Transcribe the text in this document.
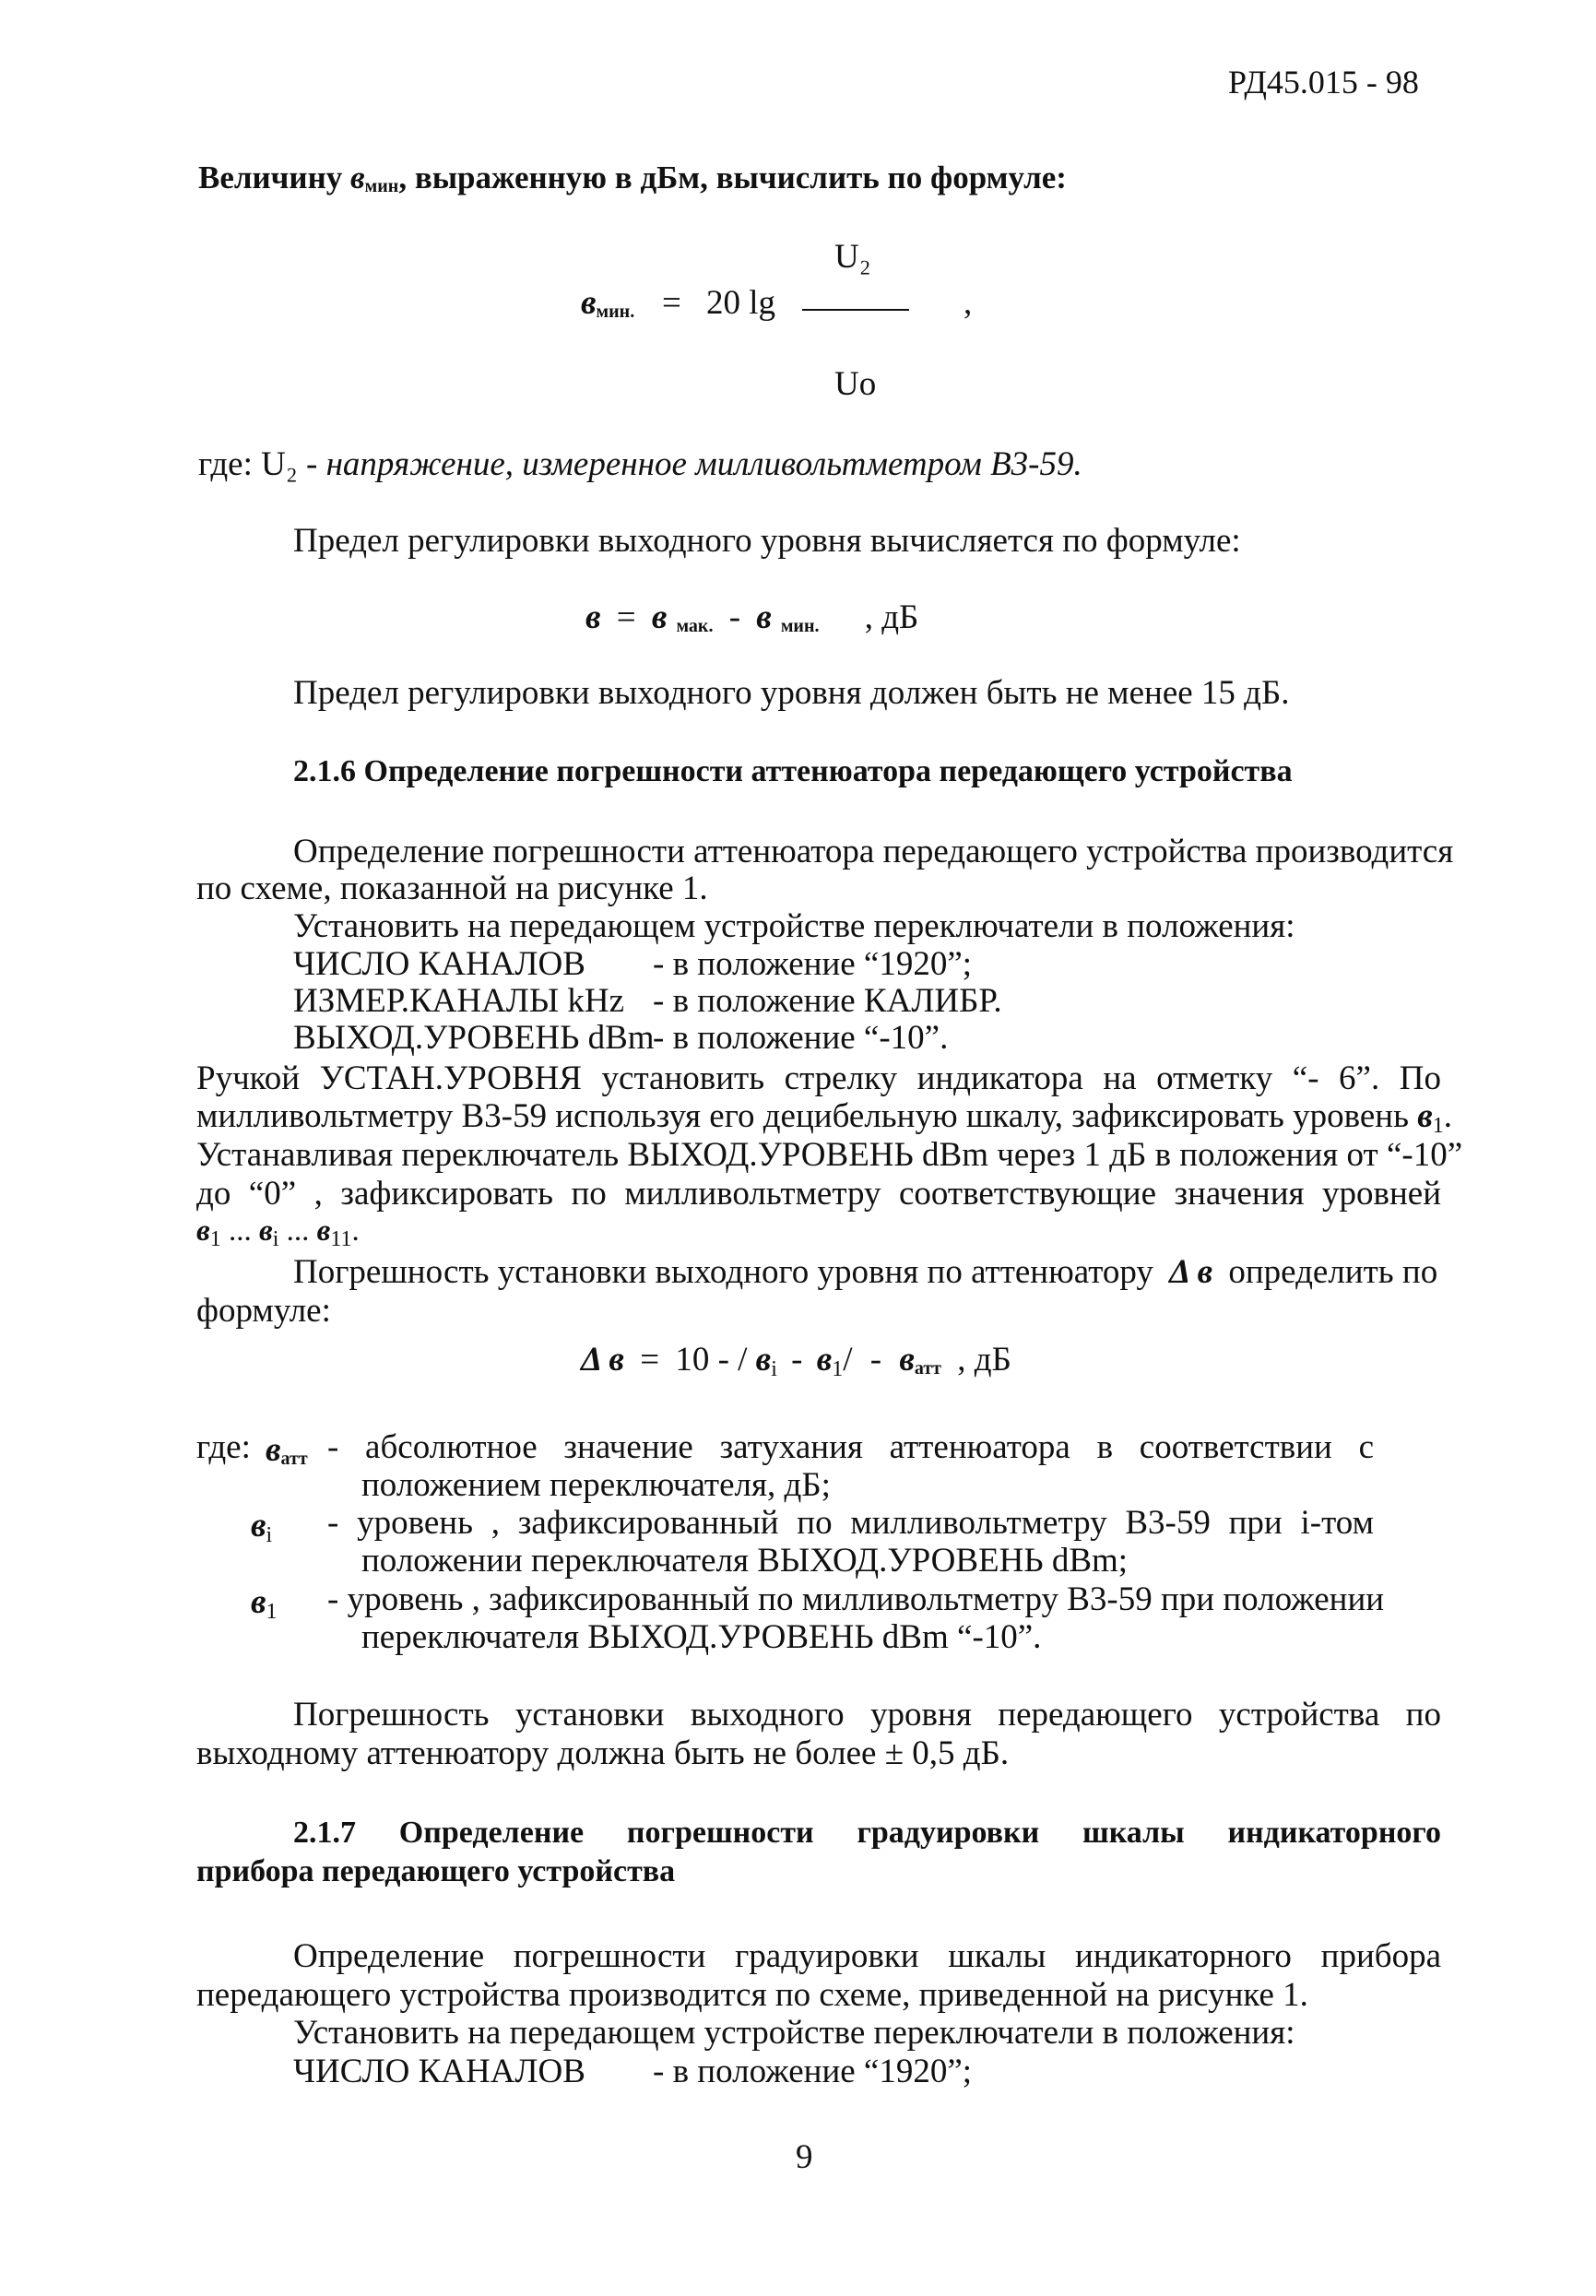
РД45.015 - 98
Величину $в_{мин}$, выраженную в дБм, вычислить по формуле:
U₂
$в_{мин.} = 20$ lg	,
Uo
где: U₂ - напряжение, измеренное милливольтметром В3-59.
Предел регулировки выходного уровня вычисляется по формуле:
в = в $_{мак.}$ - в $_{мин.}$ , дБ
Предел регулировки выходного уровня должен быть не менее 15 дБ.
2.1.6 Определение погрешности аттенюатора передающего устройства
Определение погрешности аттенюатора передающего устройства производится
по схеме, показанной на рисунке 1.
Установить на передающем устройстве переключатели в положения:
ЧИСЛО КАНАЛОВ - в положение “1920”;
ИЗМЕР.КАНАЛЫ kHz - в положение КАЛИБР.
ВЫХОД.УРОВЕНЬ dBm
- в положение “-10”.
Ручкой УСТАН.УРОВНЯ установить стрелку индикатора на отметку “- 6”. По
милливольтметру В3-59 используя его децибельную шкалу, зафиксировать уровень в1.
Устанавливая переключатель ВЫХОД.УРОВЕНЬ dBm через 1 дБ в положения от “-10”
до “0” , зафиксировать по милливольтметру соответствующие значения уровней
в1 ... вi ... в11.
Погрешность установки выходного уровня по аттенюатору Δ в определить по
формуле:
Δ в = 10 - / вi - $в1/ - в_{атт}$ , дБ
где: $в_{атт}$ - абсолютное значение затухания аттенюатора в соответствии с
положением переключателя, дБ;
вi - уровень , зафиксированный по милливольтметру В3-59 при i-том
положении переключателя ВЫХОД.УРОВЕНЬ dBm;
в1 - уровень , зафиксированный по милливольтметру В3-59 при положении
переключателя ВЫХОД.УРОВЕНЬ dBm “-10”.
Погрешность установки выходного уровня передающего устройства по
выходному аттенюатору должна быть не более ± 0,5 дБ.
2.1.7 Определение погрешности градуировки шкалы индикаторного
прибора передающего устройства
Определение погрешности градуировки шкалы индикаторного прибора
передающего устройства производится по схеме, приведенной на рисунке 1.
Установить на передающем устройстве переключатели в положения:
ЧИСЛО КАНАЛОВ - в положение “1920”;
9
